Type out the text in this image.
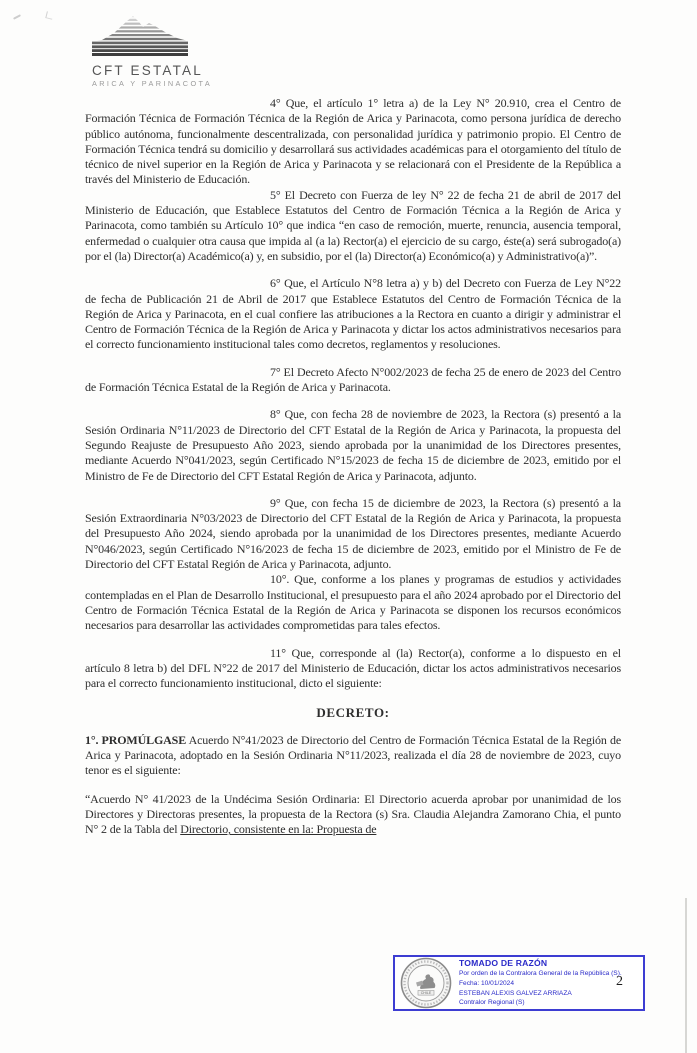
CFT ESTATAL
ARICA Y PARINACOTA

4° Que, el artículo 1° letra a) de la Ley N° 20.910, crea el Centro de Formación Técnica de Formación Técnica de la Región de Arica y Parinacota, como persona jurídica de derecho público autónoma, funcionalmente descentralizada, con personalidad jurídica y patrimonio propio. El Centro de Formación Técnica tendrá su domicilio y desarrollará sus actividades académicas para el otorgamiento del título de técnico de nivel superior en la Región de Arica y Parinacota y se relacionará con el Presidente de la República a través del Ministerio de Educación.

5° El Decreto con Fuerza de ley N° 22 de fecha 21 de abril de 2017 del Ministerio de Educación, que Establece Estatutos del Centro de Formación Técnica a la Región de Arica y Parinacota, como también su Artículo 10° que indica “en caso de remoción, muerte, renuncia, ausencia temporal, enfermedad o cualquier otra causa que impida al (a la) Rector(a) el ejercicio de su cargo, éste(a) será subrogado(a) por el (la) Director(a) Académico(a) y, en subsidio, por el (la) Director(a) Económico(a) y Administrativo(a)”.

6° Que, el Artículo N°8 letra a) y b) del Decreto con Fuerza de Ley N°22 de fecha de Publicación 21 de Abril de 2017 que Establece Estatutos del Centro de Formación Técnica de la Región de Arica y Parinacota, en el cual confiere las atribuciones a la Rectora en cuanto a dirigir y administrar el Centro de Formación Técnica de la Región de Arica y Parinacota y dictar los actos administrativos necesarios para el correcto funcionamiento institucional tales como decretos, reglamentos y resoluciones.

7° El Decreto Afecto N°002/2023 de fecha 25 de enero de 2023 del Centro de Formación Técnica Estatal de la Región de Arica y Parinacota.

8° Que, con fecha 28 de noviembre de 2023, la Rectora (s) presentó a la Sesión Ordinaria N°11/2023 de Directorio del CFT Estatal de la Región de Arica y Parinacota, la propuesta del Segundo Reajuste de Presupuesto Año 2023, siendo aprobada por la unanimidad de los Directores presentes, mediante Acuerdo N°041/2023, según Certificado N°15/2023 de fecha 15 de diciembre de 2023, emitido por el Ministro de Fe de Directorio del CFT Estatal Región de Arica y Parinacota, adjunto.

9° Que, con fecha 15 de diciembre de 2023, la Rectora (s) presentó a la Sesión Extraordinaria N°03/2023 de Directorio del CFT Estatal de la Región de Arica y Parinacota, la propuesta del Presupuesto Año 2024, siendo aprobada por la unanimidad de los Directores presentes, mediante Acuerdo N°046/2023, según Certificado N°16/2023 de fecha 15 de diciembre de 2023, emitido por el Ministro de Fe de Directorio del CFT Estatal Región de Arica y Parinacota, adjunto.

10°. Que, conforme a los planes y programas de estudios y actividades contempladas en el Plan de Desarrollo Institucional, el presupuesto para el año 2024 aprobado por el Directorio del Centro de Formación Técnica Estatal de la Región de Arica y Parinacota se disponen los recursos económicos necesarios para desarrollar las actividades comprometidas para tales efectos.

11° Que, corresponde al (la) Rector(a), conforme a lo dispuesto en el artículo 8 letra b) del DFL N°22 de 2017 del Ministerio de Educación, dictar los actos administrativos necesarios para el correcto funcionamiento institucional, dicto el siguiente:

DECRETO:

1°. PROMÚLGASE Acuerdo N°41/2023 de Directorio del Centro de Formación Técnica Estatal de la Región de Arica y Parinacota, adoptado en la Sesión Ordinaria N°11/2023, realizada el día 28 de noviembre de 2023, cuyo tenor es el siguiente:

“Acuerdo N° 41/2023 de la Undécima Sesión Ordinaria: El Directorio acuerda aprobar por unanimidad de los Directores y Directoras presentes, la propuesta de la Rectora (s) Sra. Claudia Alejandra Zamorano Chia, el punto N° 2 de la Tabla del Directorio, consistente en la: Propuesta de

CHILE
TOMADO DE RAZÓN
Por orden de la Contralora General de la República (S).
Fecha: 10/01/2024
ESTEBAN ALEXIS GALVEZ ARRIAZA
Contralor Regional (S)
2
